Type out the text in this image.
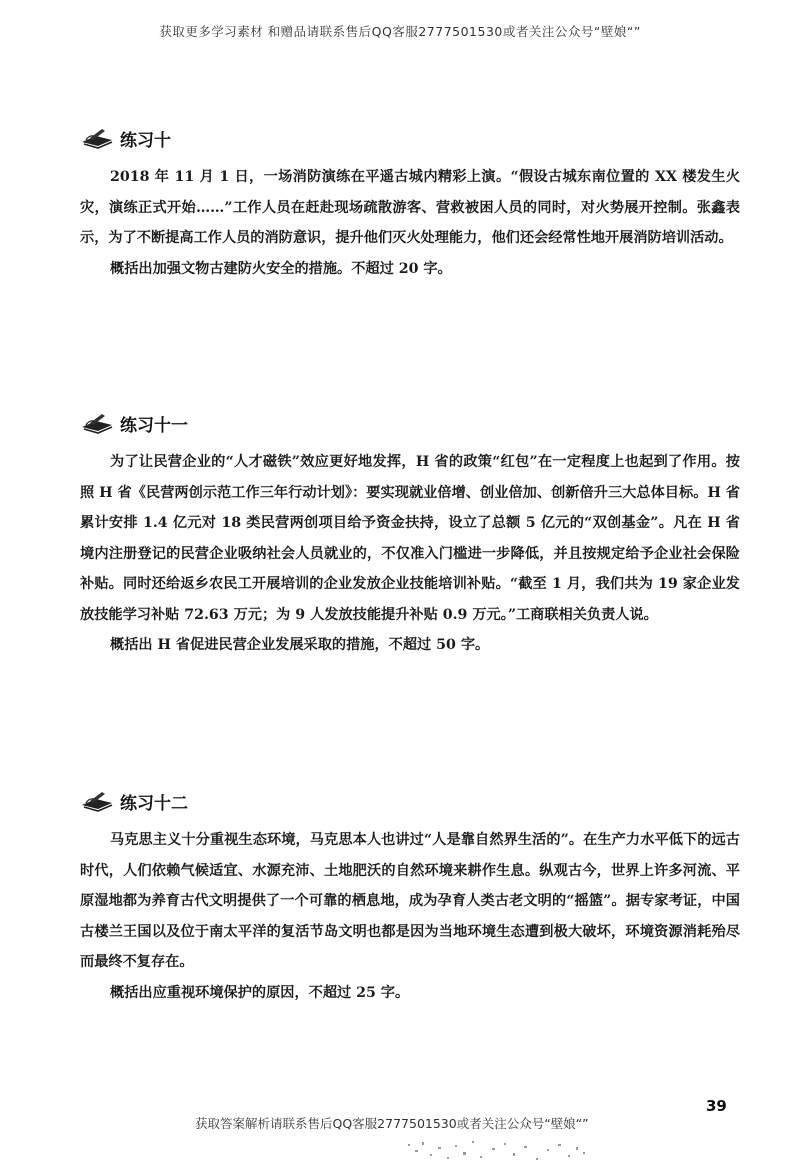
获取更多学习素材 和赠品请联系售后QQ客服2777501530或者关注公众号“壁娘“”
练习十
2018 年 11 月 1 日，一场消防演练在平遥古城内精彩上演。“假设古城东南位置的 XX 楼发生火灾，演练正式开始……”工作人员在赶赴现场疏散游客、营救被困人员的同时，对火势展开控制。张鑫表示，为了不断提高工作人员的消防意识，提升他们灭火处理能力，他们还会经常性地开展消防培训活动。
概括出加强文物古建防火安全的措施。不超过 20 字。
练习十一
为了让民营企业的“人才磁铁”效应更好地发挥，H 省的政策“红包”在一定程度上也起到了作用。按照 H 省《民营两创示范工作三年行动计划》：要实现就业倍增、创业倍加、创新倍升三大总体目标。H 省累计安排 1.4 亿元对 18 类民营两创项目给予资金扶持，设立了总额 5 亿元的“双创基金”。凡在 H 省境内注册登记的民营企业吸纳社会人员就业的，不仅准入门槛进一步降低，并且按规定给予企业社会保险补贴。同时还给返乡农民工开展培训的企业发放企业技能培训补贴。“截至 1 月，我们共为 19 家企业发放技能学习补贴 72.63 万元；为 9 人发放技能提升补贴 0.9 万元。”工商联相关负责人说。
概括出 H 省促进民营企业发展采取的措施，不超过 50 字。
练习十二
马克思主义十分重视生态环境，马克思本人也讲过“人是靠自然界生活的”。在生产力水平低下的远古时代，人们依赖气候适宜、水源充沛、土地肥沃的自然环境来耕作生息。纵观古今，世界上许多河流、平原湿地都为养育古代文明提供了一个可靠的栖息地，成为孕育人类古老文明的“摇篮”。据专家考证，中国古楼兰王国以及位于南太平洋的复活节岛文明也都是因为当地环境生态遭到极大破坏，环境资源消耗殆尽而最终不复存在。
概括出应重视环境保护的原因，不超过 25 字。
39
获取答案解析请联系售后QQ客服2777501530或者关注公众号“壁娘“”
